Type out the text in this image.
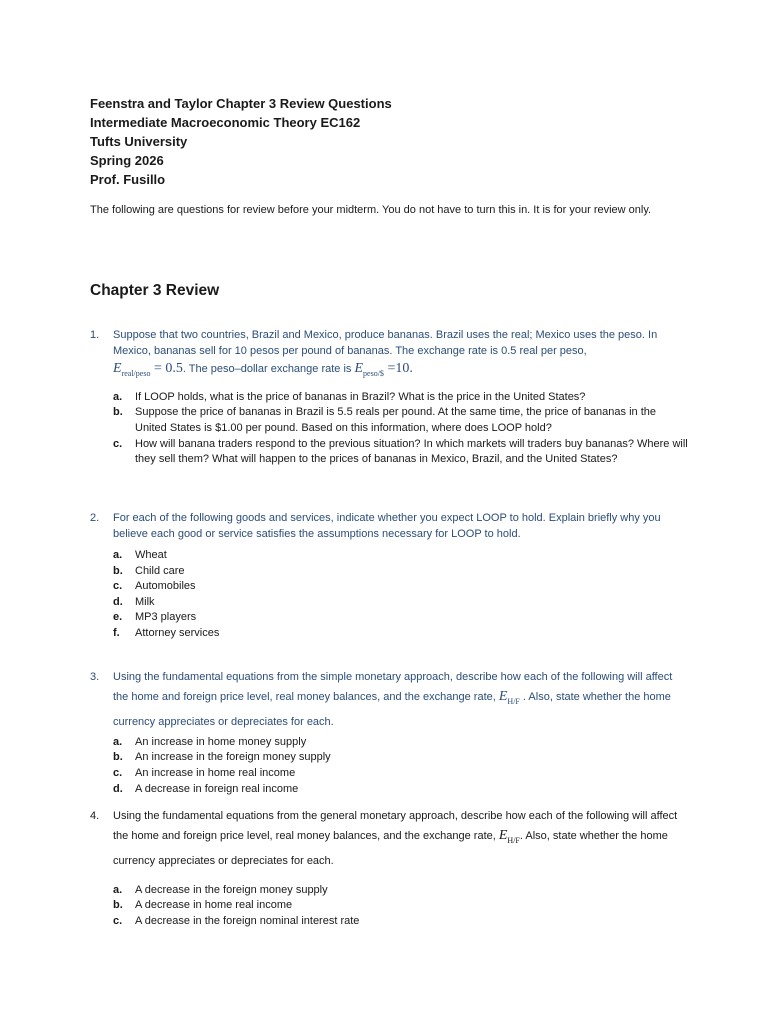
Feenstra and Taylor Chapter 3 Review Questions
Intermediate Macroeconomic Theory EC162
Tufts University
Spring 2026
Prof. Fusillo
The following are questions for review before your midterm. You do not have to turn this in. It is for your review only.
Chapter 3 Review
1. Suppose that two countries, Brazil and Mexico, produce bananas. Brazil uses the real; Mexico uses the peso. In Mexico, bananas sell for 10 pesos per pound of bananas. The exchange rate is 0.5 real per peso,
$E_{real/peso} = 0.5$. The peso–dollar exchange rate is $E_{peso/\$} =10$.
a. If LOOP holds, what is the price of bananas in Brazil? What is the price in the United States?
b. Suppose the price of bananas in Brazil is 5.5 reals per pound. At the same time, the price of bananas in the United States is $1.00 per pound. Based on this information, where does LOOP hold?
c. How will banana traders respond to the previous situation? In which markets will traders buy bananas? Where will they sell them? What will happen to the prices of bananas in Mexico, Brazil, and the United States?
2. For each of the following goods and services, indicate whether you expect LOOP to hold. Explain briefly why you believe each good or service satisfies the assumptions necessary for LOOP to hold.
a. Wheat
b. Child care
c. Automobiles
d. Milk
e. MP3 players
f. Attorney services
3. Using the fundamental equations from the simple monetary approach, describe how each of the following will affect the home and foreign price level, real money balances, and the exchange rate, $E_{H/F}$ . Also, state whether the home currency appreciates or depreciates for each.
a. An increase in home money supply
b. An increase in the foreign money supply
c. An increase in home real income
d. A decrease in foreign real income
4. Using the fundamental equations from the general monetary approach, describe how each of the following will affect the home and foreign price level, real money balances, and the exchange rate, $E_{H/F}$. Also, state whether the home currency appreciates or depreciates for each.
a. A decrease in the foreign money supply
b. A decrease in home real income
c. A decrease in the foreign nominal interest rate
